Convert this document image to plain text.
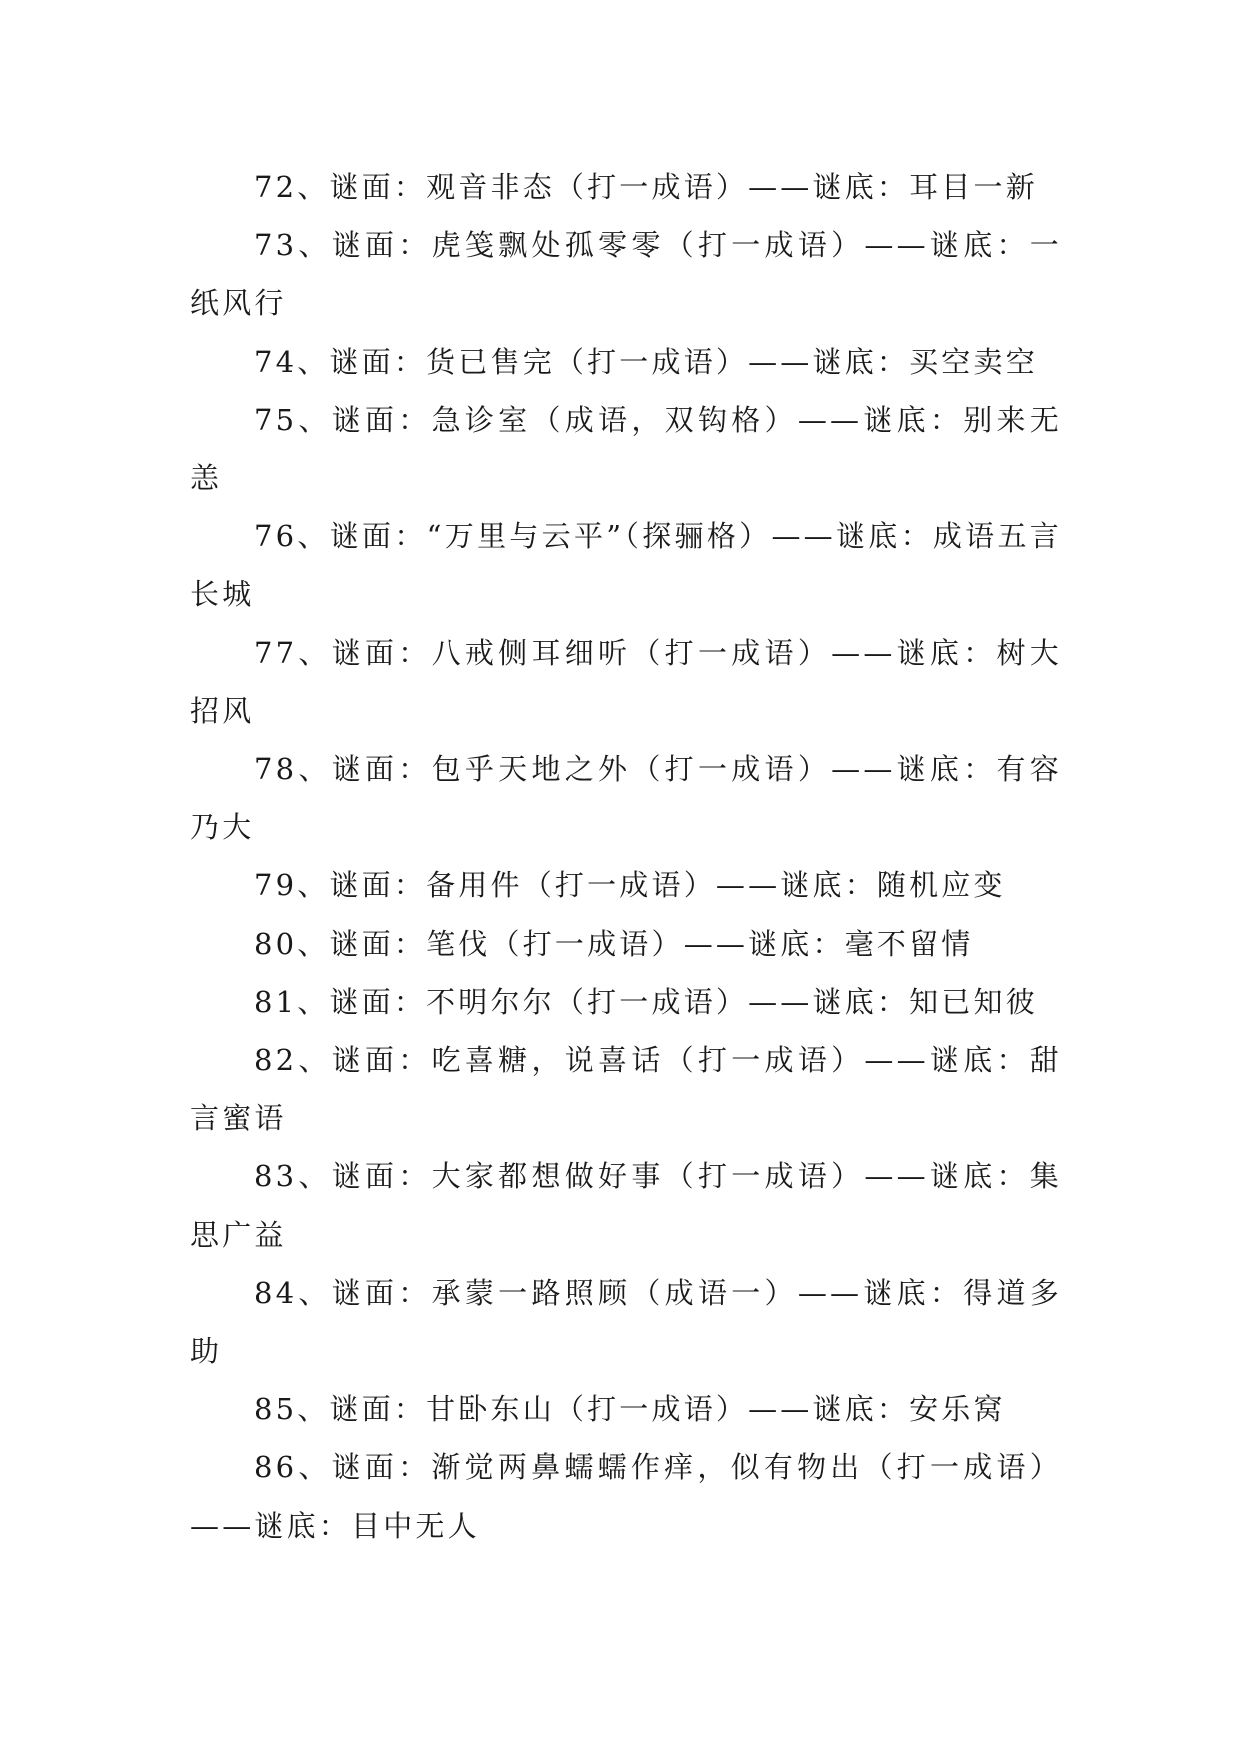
72、谜面：观音非态（打一成语）——谜底：耳目一新

73、谜面：虎笺飘处孤零零（打一成语）——谜底：一纸风行

74、谜面：货已售完（打一成语）——谜底：买空卖空

75、谜面：急诊室（成语，双钩格）——谜底：别来无恙

76、谜面：“万里与云平”（探骊格）——谜底：成语五言长城

77、谜面：八戒侧耳细听（打一成语）——谜底：树大招风

78、谜面：包乎天地之外（打一成语）——谜底：有容乃大

79、谜面：备用件（打一成语）——谜底：随机应变

80、谜面：笔伐（打一成语）——谜底：毫不留情

81、谜面：不明尔尔（打一成语）——谜底：知已知彼

82、谜面：吃喜糖，说喜话（打一成语）——谜底：甜言蜜语

83、谜面：大家都想做好事（打一成语）——谜底：集思广益

84、谜面：承蒙一路照顾（成语一）——谜底：得道多助

85、谜面：甘卧东山（打一成语）——谜底：安乐窝

86、谜面：渐觉两鼻蠕蠕作痒，似有物出（打一成语）——谜底：目中无人
